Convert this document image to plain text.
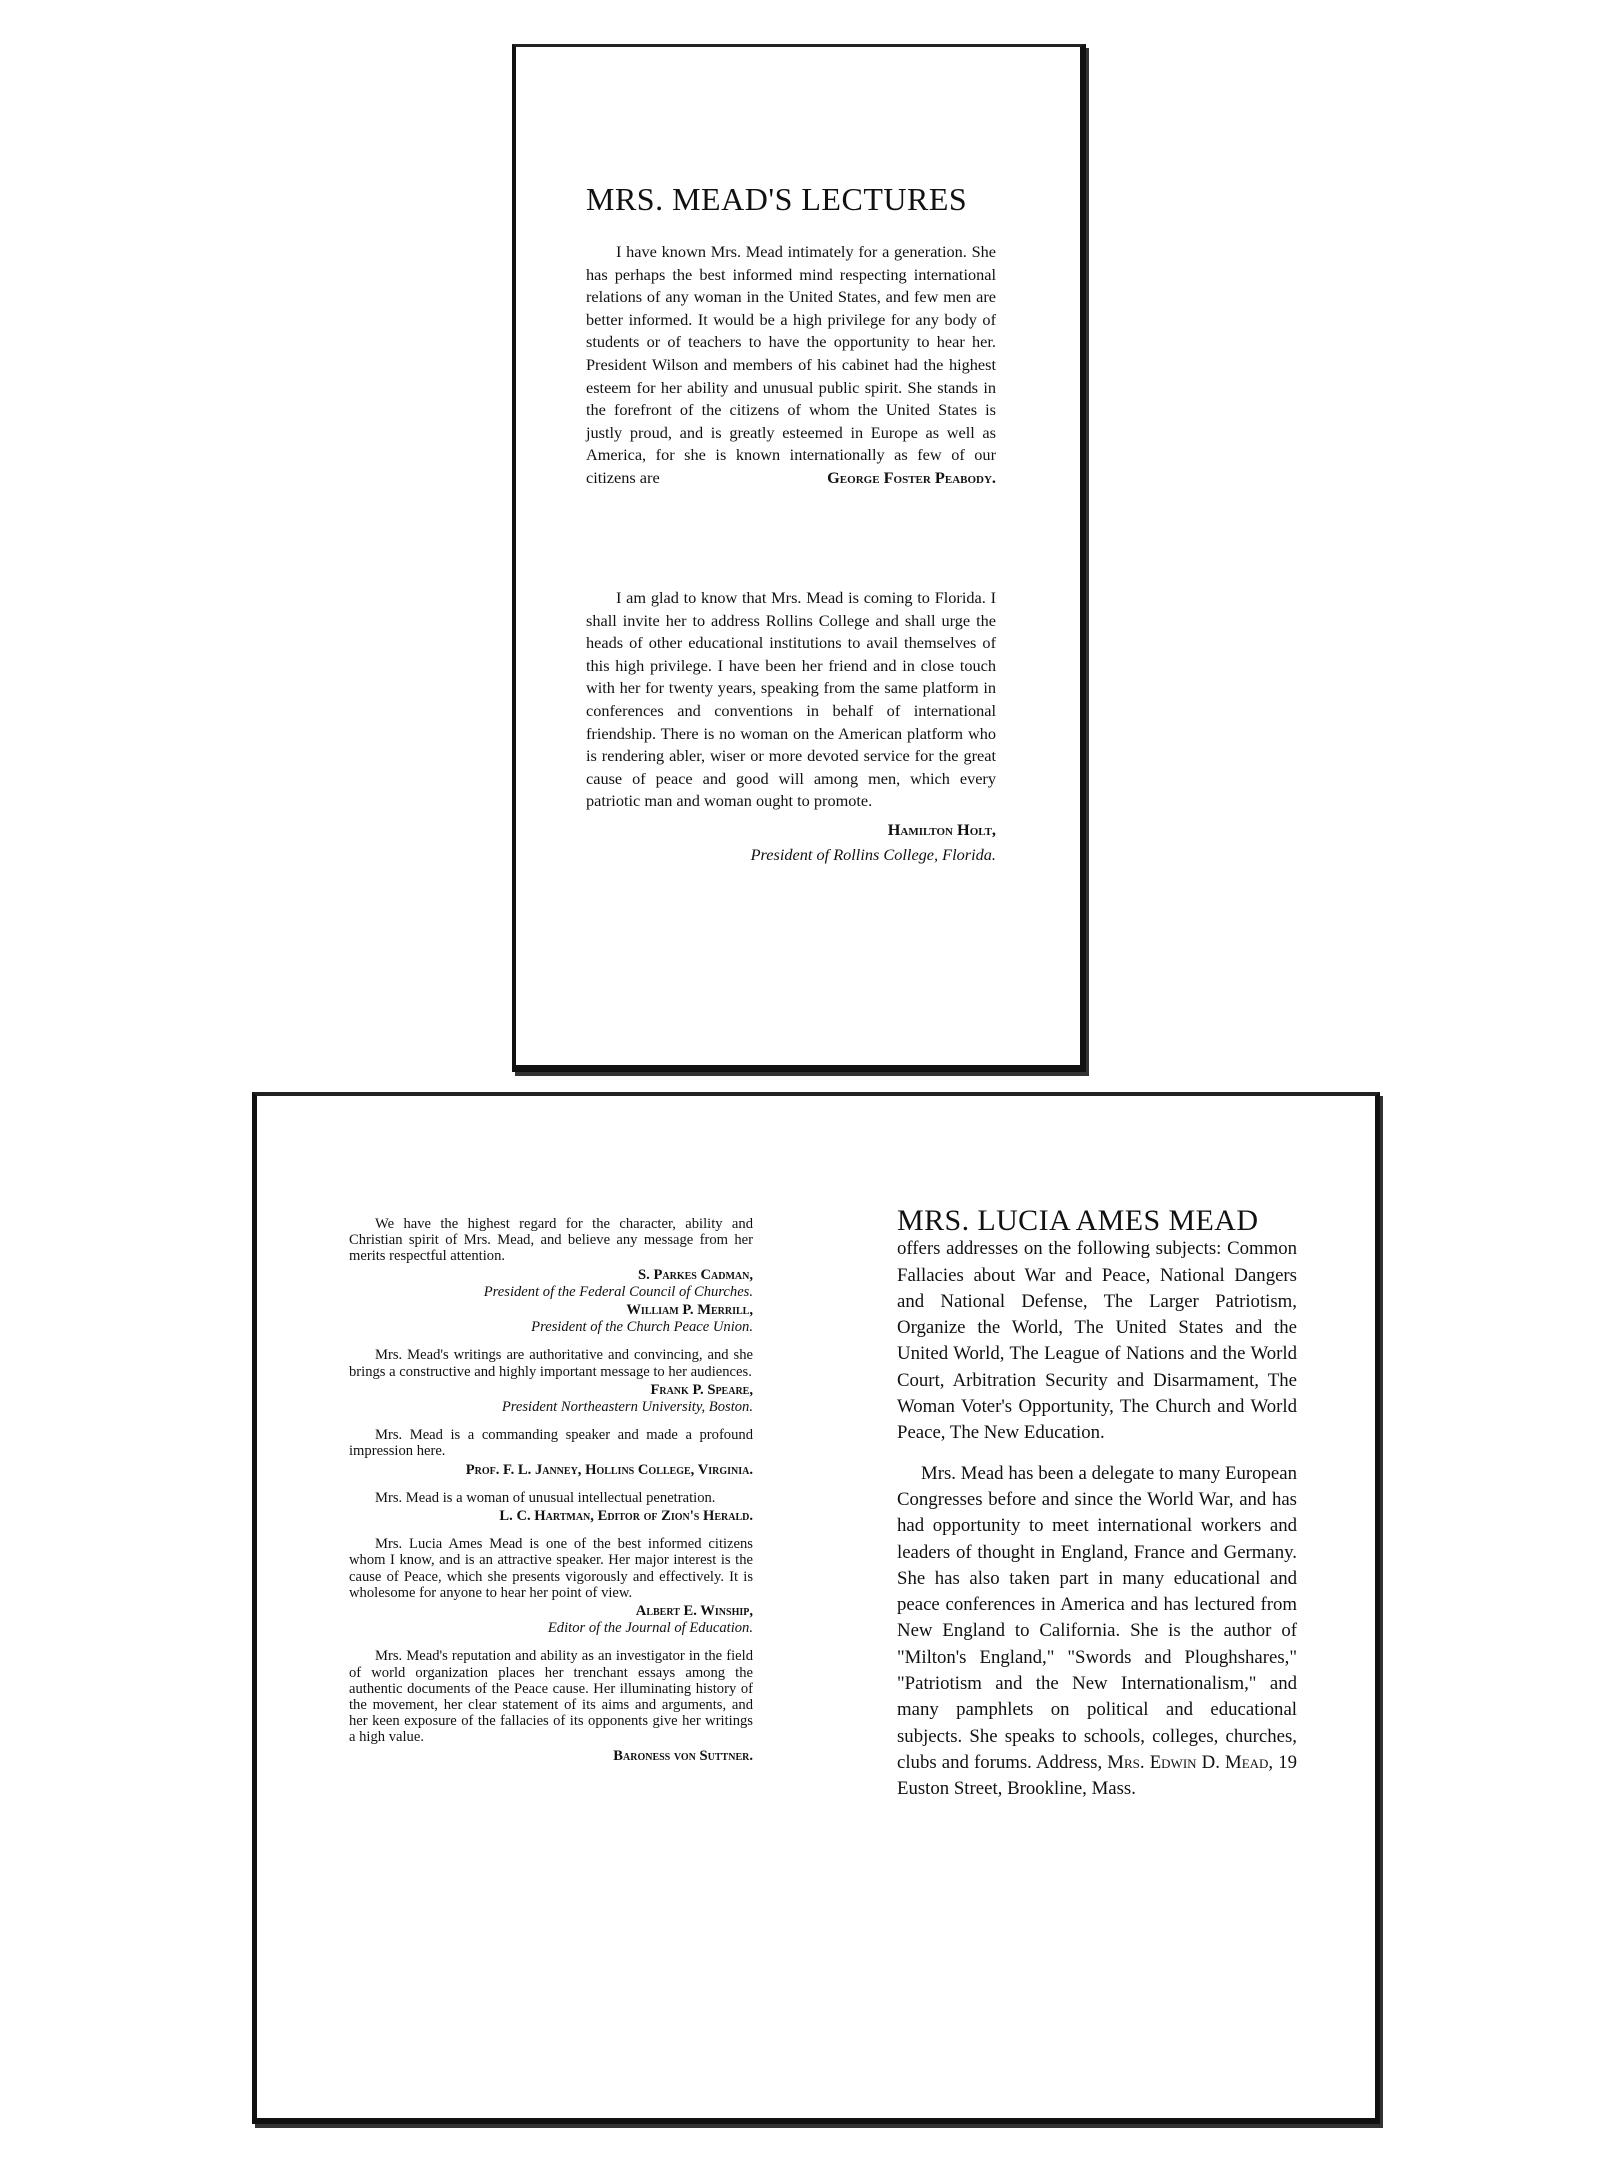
MRS. MEAD'S LECTURES

I have known Mrs. Mead intimately for a generation. She has perhaps the best informed mind respecting international relations of any woman in the United States, and few men are better informed. It would be a high privilege for any body of students or of teachers to have the opportunity to hear her. President Wilson and members of his cabinet had the highest esteem for her ability and unusual public spirit. She stands in the forefront of the citizens of whom the United States is justly proud, and is greatly esteemed in Europe as well as America, for she is known internationally as few of our citizens are	George Foster Peabody.

I am glad to know that Mrs. Mead is coming to Florida. I shall invite her to address Rollins College and shall urge the heads of other educational institutions to avail themselves of this high privilege. I have been her friend and in close touch with her for twenty years, speaking from the same platform in conferences and conventions in behalf of international friendship. There is no woman on the American platform who is rendering abler, wiser or more devoted service for the great cause of peace and good will among men, which every patriotic man and woman ought to promote.

Hamilton Holt,

President of Rollins College, Florida.

We have the highest regard for the character, ability and Christian spirit of Mrs. Mead, and believe any message from her merits respectful attention.

S. Parkes Cadman,

President of the Federal Council of Churches.

William P. Merrill,

President of the Church Peace Union.

Mrs. Mead's writings are authoritative and convincing, and she brings a constructive and highly important message to her audiences.

Frank P. Speare,

President Northeastern University, Boston.

Mrs. Mead is a commanding speaker and made a profound impression here.

Prof. F. L. Janney, Hollins College, Virginia.

Mrs. Mead is a woman of unusual intellectual penetration.

L. C. Hartman, Editor of Zion's Herald.

Mrs. Lucia Ames Mead is one of the best informed citizens whom I know, and is an attractive speaker. Her major interest is the cause of Peace, which she presents vigorously and effectively. It is wholesome for anyone to hear her point of view.

Albert E. Winship,

Editor of the Journal of Education.

Mrs. Mead's reputation and ability as an investigator in the field of world organization places her trenchant essays among the authentic documents of the Peace cause. Her illuminating history of the movement, her clear statement of its aims and arguments, and her keen exposure of the fallacies of its opponents give her writings a high value.

Baroness von Suttner.

MRS. LUCIA AMES MEAD

offers addresses on the following subjects: Common Fallacies about War and Peace, National Dangers and National Defense, The Larger Patriotism, Organize the World, The United States and the United World, The League of Nations and the World Court, Arbitration Security and Disarmament, The Woman Voter's Opportunity, The Church and World Peace, The New Education.

Mrs. Mead has been a delegate to many European Congresses before and since the World War, and has had opportunity to meet international workers and leaders of thought in England, France and Germany. She has also taken part in many educational and peace conferences in America and has lectured from New England to California. She is the author of "Milton's England," "Swords and Ploughshares," "Patriotism and the New Internationalism," and many pamphlets on political and educational subjects. She speaks to schools, colleges, churches, clubs and forums. Address, Mrs. Edwin D. Mead, 19 Euston Street, Brookline, Mass.
